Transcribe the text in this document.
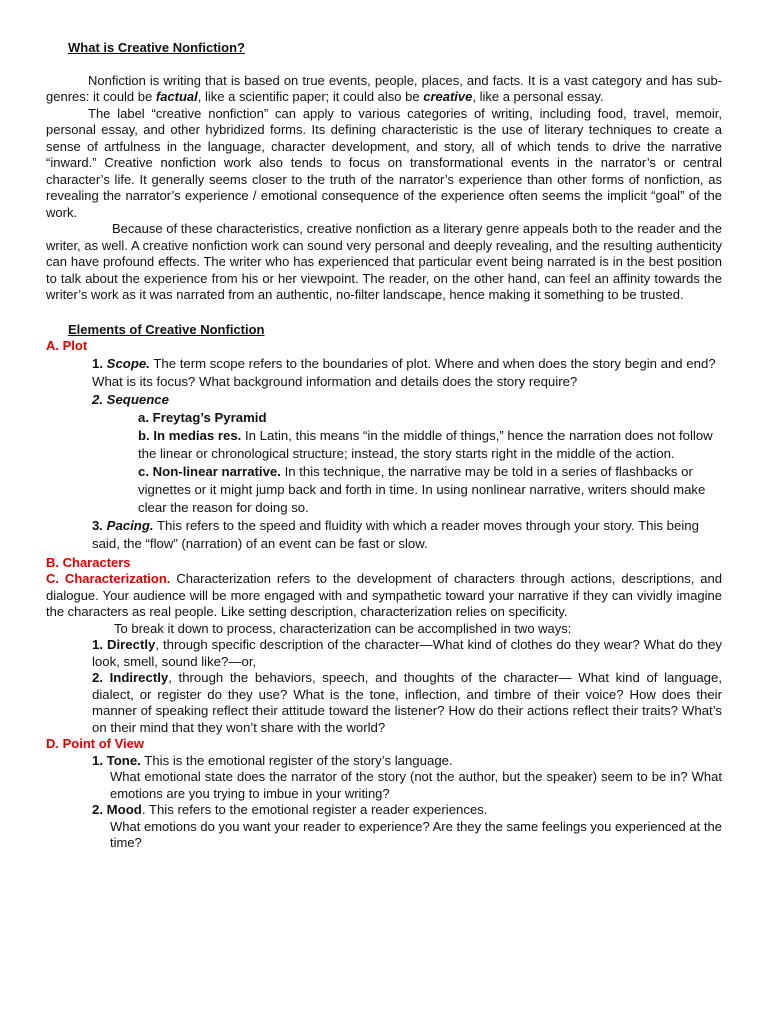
What is Creative Nonfiction?

Nonfiction is writing that is based on true events, people, places, and facts. It is a vast category and has sub-genres: it could be factual, like a scientific paper; it could also be creative, like a personal essay.

The label “creative nonfiction” can apply to various categories of writing, including food, travel, memoir, personal essay, and other hybridized forms. Its defining characteristic is the use of literary techniques to create a sense of artfulness in the language, character development, and story, all of which tends to drive the narrative “inward.” Creative nonfiction work also tends to focus on transformational events in the narrator’s or central character’s life. It generally seems closer to the truth of the narrator’s experience than other forms of nonfiction, as revealing the narrator’s experience / emotional consequence of the experience often seems the implicit “goal” of the work.

Because of these characteristics, creative nonfiction as a literary genre appeals both to the reader and the writer, as well. A creative nonfiction work can sound very personal and deeply revealing, and the resulting authenticity can have profound effects. The writer who has experienced that particular event being narrated is in the best position to talk about the experience from his or her viewpoint. The reader, on the other hand, can feel an affinity towards the writer’s work as it was narrated from an authentic, no-filter landscape, hence making it something to be trusted.

Elements of Creative Nonfiction
A. Plot
1. Scope. The term scope refers to the boundaries of plot. Where and when does the story begin and end? What is its focus? What background information and details does the story require?
2. Sequence
a. Freytag’s Pyramid
b. In medias res. In Latin, this means “in the middle of things,” hence the narration does not follow the linear or chronological structure; instead, the story starts right in the middle of the action.
c. Non-linear narrative. In this technique, the narrative may be told in a series of flashbacks or vignettes or it might jump back and forth in time. In using nonlinear narrative, writers should make clear the reason for doing so.
3. Pacing. This refers to the speed and fluidity with which a reader moves through your story. This being said, the “flow” (narration) of an event can be fast or slow.
B. Characters

C. Characterization. Characterization refers to the development of characters through actions, descriptions, and dialogue. Your audience will be more engaged with and sympathetic toward your narrative if they can vividly imagine the characters as real people. Like setting description, characterization relies on specificity.

To break it down to process, characterization can be accomplished in two ways:
1. Directly, through specific description of the character—What kind of clothes do they wear? What do they look, smell, sound like?—or,
2. Indirectly, through the behaviors, speech, and thoughts of the character— What kind of language, dialect, or register do they use? What is the tone, inflection, and timbre of their voice? How does their manner of speaking reflect their attitude toward the listener? How do their actions reflect their traits? What’s on their mind that they won’t share with the world?
D. Point of View
1. Tone. This is the emotional register of the story’s language.
What emotional state does the narrator of the story (not the author, but the speaker) seem to be in? What emotions are you trying to imbue in your writing?
2. Mood. This refers to the emotional register a reader experiences.
What emotions do you want your reader to experience? Are they the same feelings you experienced at the time?
